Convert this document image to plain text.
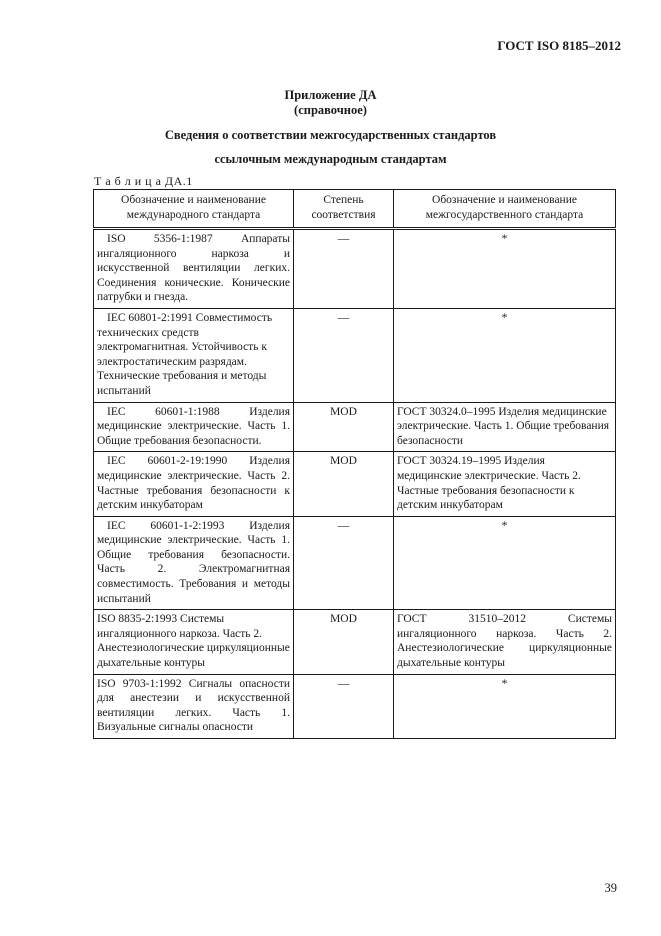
ГОСТ ISO 8185–2012
Приложение ДА
(справочное)
Сведения о соответствии межгосударственных стандартов
ссылочным международным стандартам
Т а б л и ц а ДА.1
Обозначение и наименование международного стандарта	Степень соответствия	Обозначение и наименование межгосударственного стандарта
ISO 5356-1:1987 Аппараты ингаляционного наркоза и искусственной вентиляции легких. Соединения конические. Конические патрубки и гнезда.	—	*
IEC 60801-2:1991 Совместимость технических средств электромагнитная. Устойчивость к электростатическим разрядам. Технические требования и методы испытаний	—	*
IEC 60601-1:1988 Изделия медицинские электрические. Часть 1. Общие требования безопасности.	MOD	ГОСТ 30324.0–1995 Изделия медицинские электрические. Часть 1. Общие требования безопасности
IEC 60601-2-19:1990 Изделия медицинские электрические. Часть 2. Частные требования безопасности к детским инкубаторам	MOD	ГОСТ 30324.19–1995 Изделия медицинские электрические. Часть 2. Частные требования безопасности к детским инкубаторам
IEC 60601-1-2:1993 Изделия медицинские электрические. Часть 1. Общие требования безопасности. Часть 2. Электромагнитная совместимость. Требования и методы испытаний	—	*
ISO 8835-2:1993 Системы ингаляционного наркоза. Часть 2. Анестезиологические циркуляционные дыхательные контуры	MOD	ГОСТ 31510–2012 Системы ингаляционного наркоза. Часть 2. Анестезиологические циркуляционные дыхательные контуры
ISO 9703-1:1992 Сигналы опасности для анестезии и искусственной вентиляции легких. Часть 1. Визуальные сигналы опасности	—	*
39
